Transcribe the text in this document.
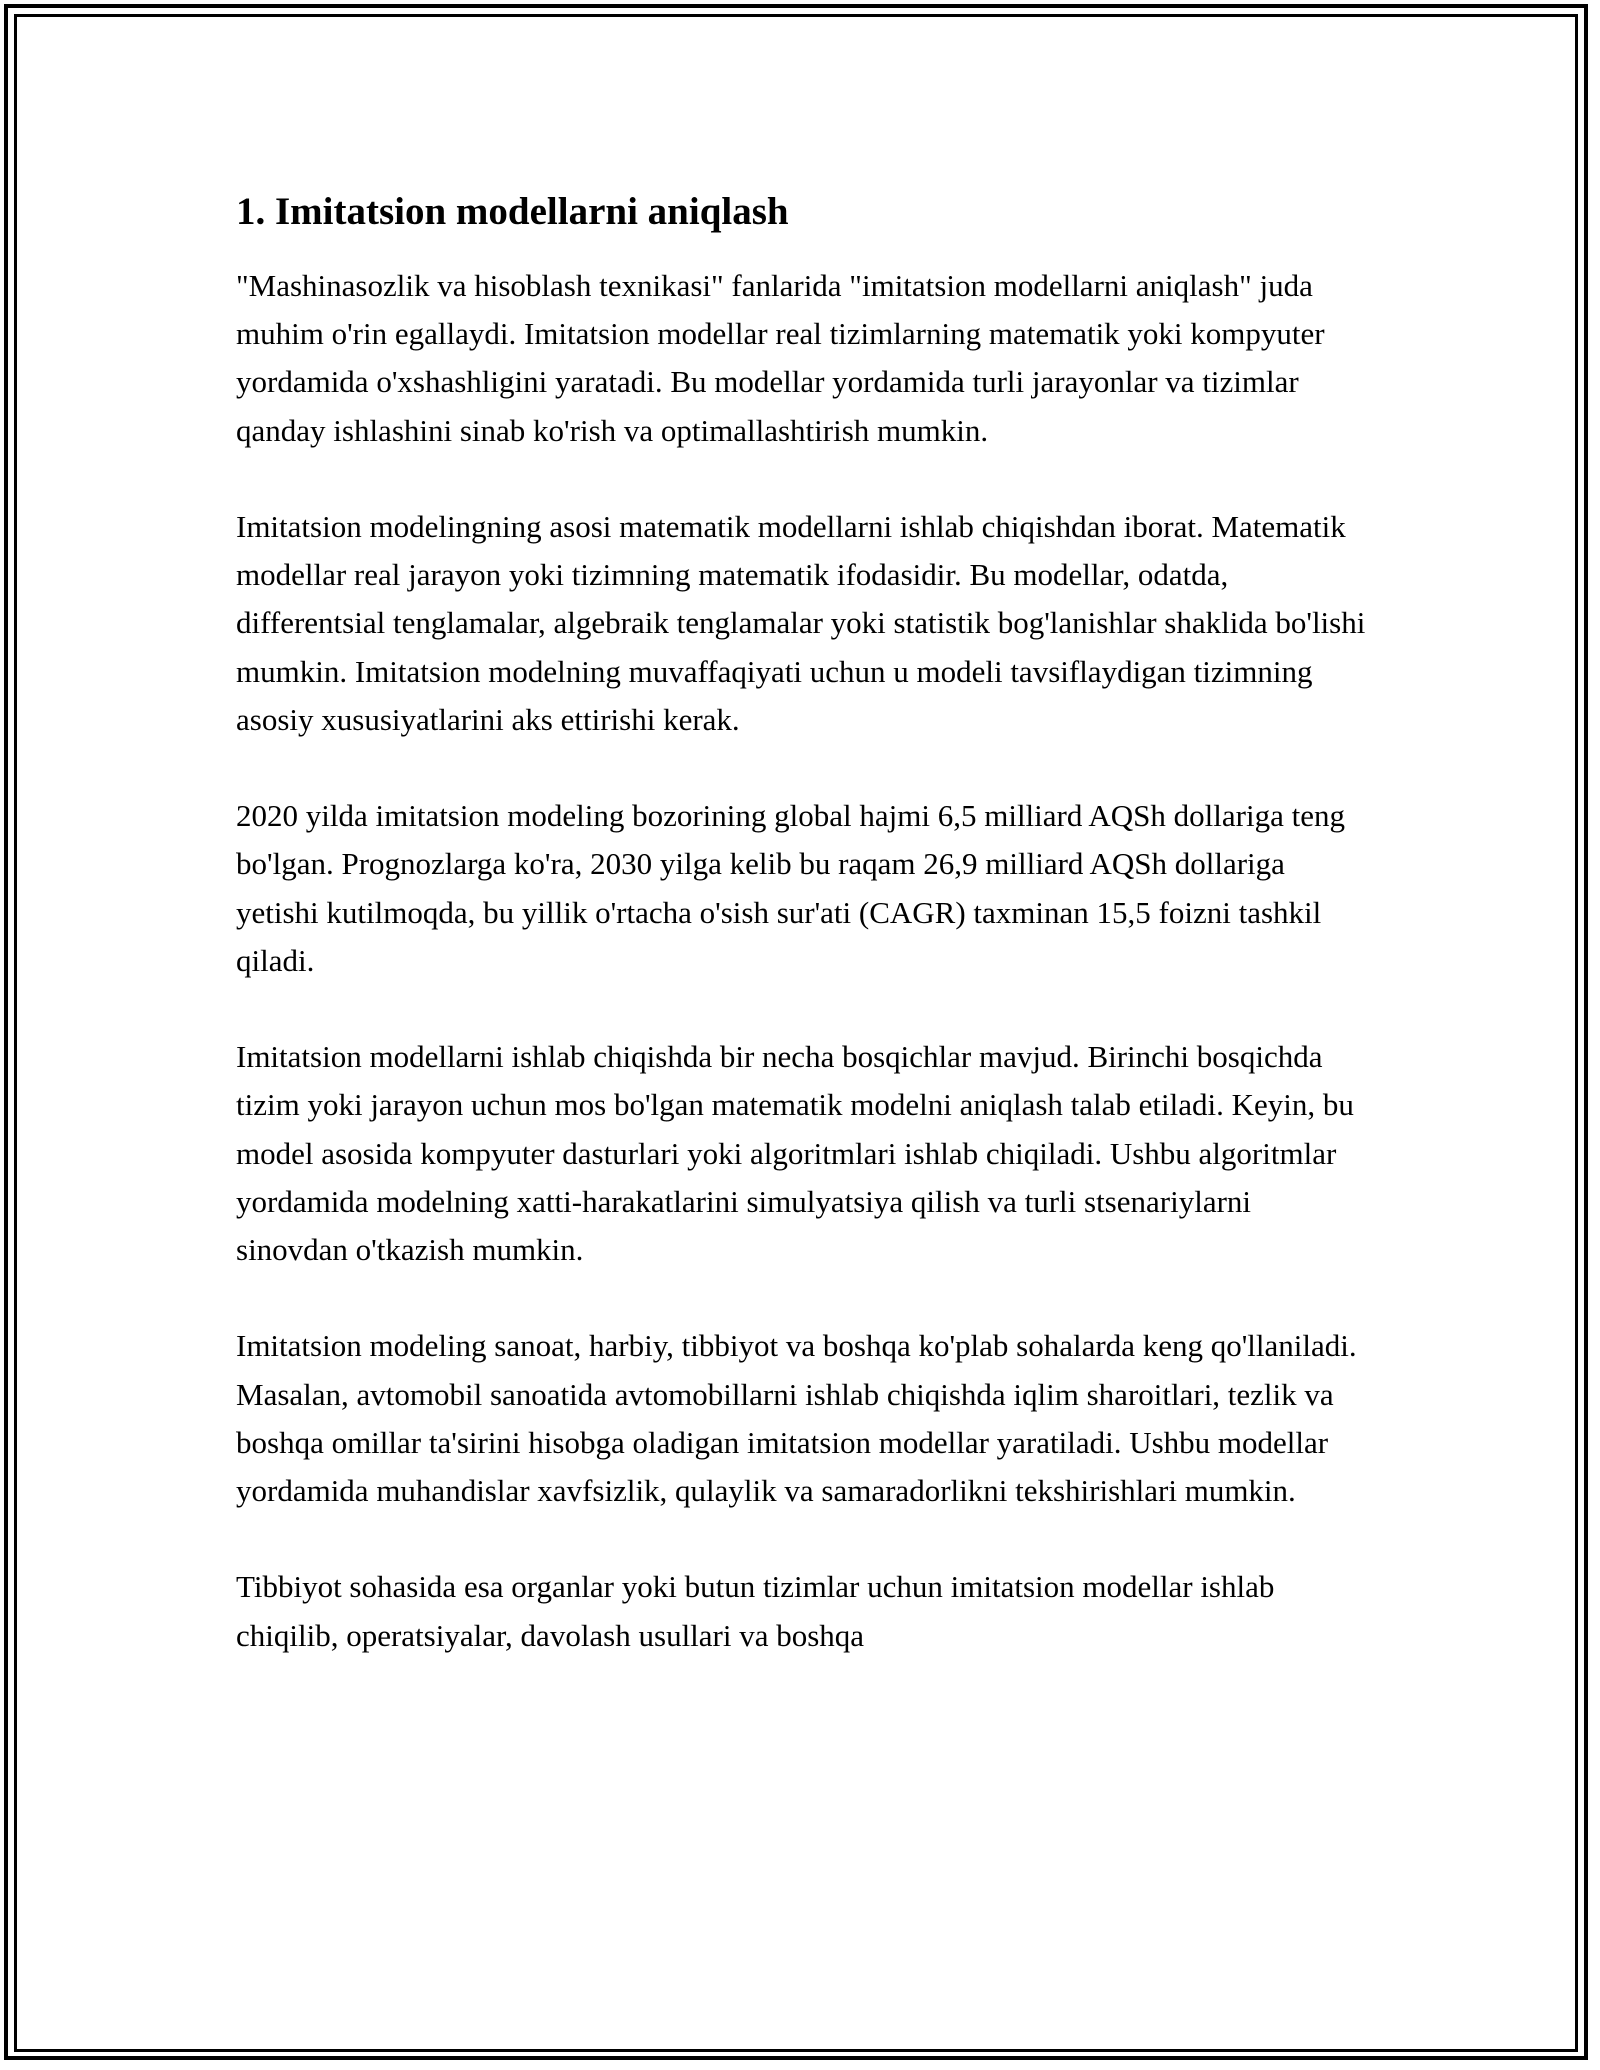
1. Imitatsion modellarni aniqlash

"Mashinasozlik va hisoblash texnikasi" fanlarida "imitatsion modellarni aniqlash" juda muhim o'rin egallaydi. Imitatsion modellar real tizimlarning matematik yoki kompyuter yordamida o'xshashligini yaratadi. Bu modellar yordamida turli jarayonlar va tizimlar qanday ishlashini sinab ko'rish va optimallashtirish mumkin.

Imitatsion modelingning asosi matematik modellarni ishlab chiqishdan iborat. Matematik modellar real jarayon yoki tizimning matematik ifodasidir. Bu modellar, odatda, differentsial tenglamalar, algebraik tenglamalar yoki statistik bog'lanishlar shaklida bo'lishi mumkin. Imitatsion modelning muvaffaqiyati uchun u modeli tavsiflaydigan tizimning asosiy xususiyatlarini aks ettirishi kerak.

2020 yilda imitatsion modeling bozorining global hajmi 6,5 milliard AQSh dollariga teng bo'lgan. Prognozlarga ko'ra, 2030 yilga kelib bu raqam 26,9 milliard AQSh dollariga yetishi kutilmoqda, bu yillik o'rtacha o'sish sur'ati (CAGR) taxminan 15,5 foizni tashkil qiladi.

Imitatsion modellarni ishlab chiqishda bir necha bosqichlar mavjud. Birinchi bosqichda tizim yoki jarayon uchun mos bo'lgan matematik modelni aniqlash talab etiladi. Keyin, bu model asosida kompyuter dasturlari yoki algoritmlari ishlab chiqiladi. Ushbu algoritmlar yordamida modelning xatti-harakatlarini simulyatsiya qilish va turli stsenariylarni sinovdan o'tkazish mumkin.

Imitatsion modeling sanoat, harbiy, tibbiyot va boshqa ko'plab sohalarda keng qo'llaniladi. Masalan, avtomobil sanoatida avtomobillarni ishlab chiqishda iqlim sharoitlari, tezlik va boshqa omillar ta'sirini hisobga oladigan imitatsion modellar yaratiladi. Ushbu modellar yordamida muhandislar xavfsizlik, qulaylik va samaradorlikni tekshirishlari mumkin.

Tibbiyot sohasida esa organlar yoki butun tizimlar uchun imitatsion modellar ishlab chiqilib, operatsiyalar, davolash usullari va boshqa
